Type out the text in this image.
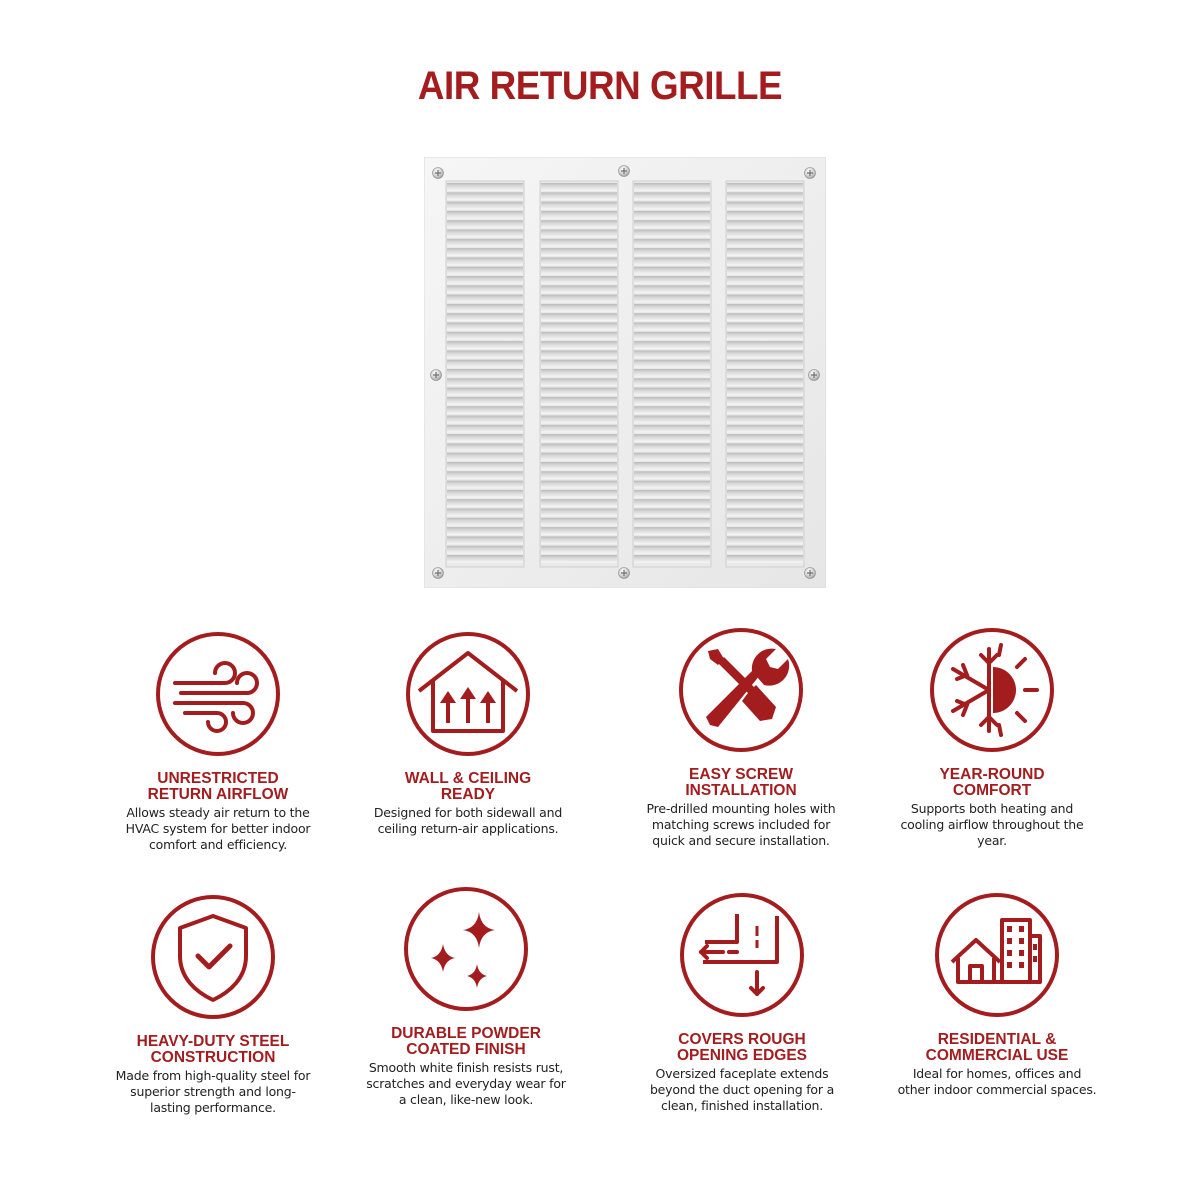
AIR RETURN GRILLE
UNRESTRICTED
RETURN AIRFLOW
Allows steady air return to the HVAC system for better indoor comfort and efficiency.
WALL & CEILING
READY
Designed for both sidewall and ceiling return-air applications.
EASY SCREW
INSTALLATION
Pre-drilled mounting holes with matching screws included for quick and secure installation.
YEAR-ROUND
COMFORT
Supports both heating and cooling airflow throughout the year.
HEAVY-DUTY STEEL
CONSTRUCTION
Made from high-quality steel for superior strength and long-lasting performance.
DURABLE POWDER
COATED FINISH
Smooth white finish resists rust, scratches and everyday wear for a clean, like-new look.
COVERS ROUGH
OPENING EDGES
Oversized faceplate extends beyond the duct opening for a clean, finished installation.
RESIDENTIAL &
COMMERCIAL USE
Ideal for homes, offices and other indoor commercial spaces.
